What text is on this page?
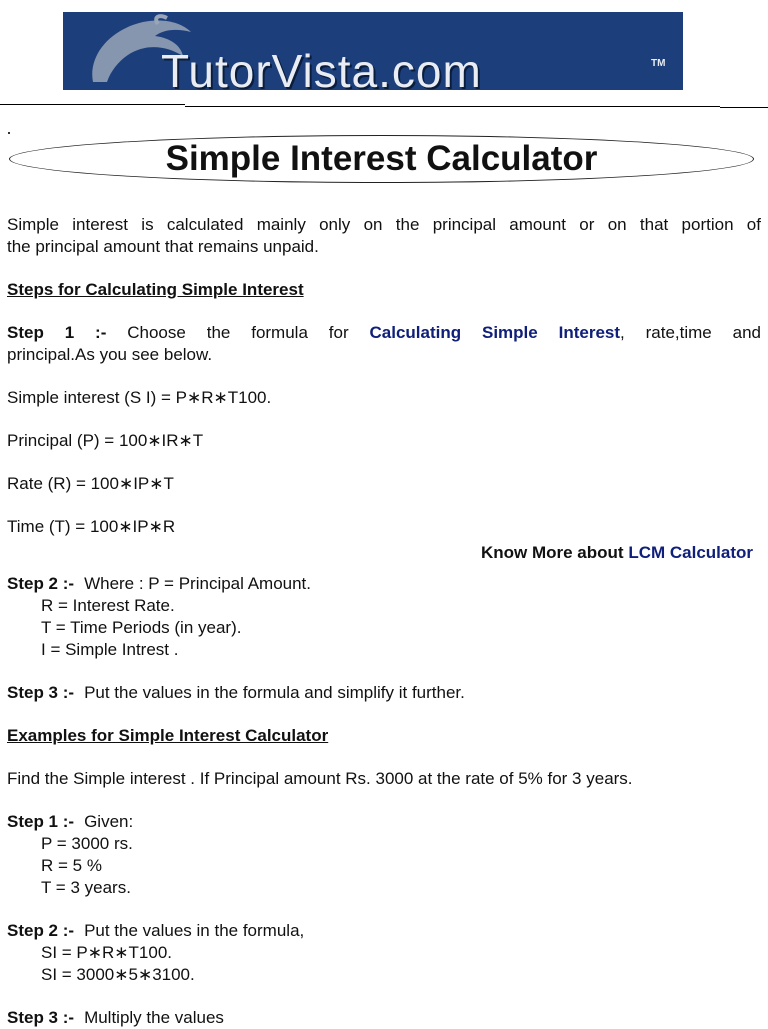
TutorVista.com	TM
Simple Interest Calculator
Simple interest is calculated mainly only on the principal amount or on that portion of
the principal amount that remains unpaid.
Steps for Calculating Simple Interest
Step 1 :- Choose the formula for Calculating Simple Interest, rate,time and
principal.As you see below.
Simple interest (S I) = P∗R∗T100.
Principal (P) = 100∗IR∗T
Rate (R) = 100∗IP∗T
Time (T) = 100∗IP∗R
Know More about LCM Calculator
Step 2 :- Where : P = Principal Amount.
R = Interest Rate.
T = Time Periods (in year).
I = Simple Intrest .
Step 3 :- Put the values in the formula and simplify it further.
Examples for Simple Interest Calculator
Find the Simple interest . If Principal amount Rs. 3000 at the rate of 5% for 3 years.
Step 1 :- Given:
P = 3000 rs.
R = 5 %
T = 3 years.
Step 2 :- Put the values in the formula,
SI = P∗R∗T100.
SI = 3000∗5∗3100.
Step 3 :- Multiply the values
